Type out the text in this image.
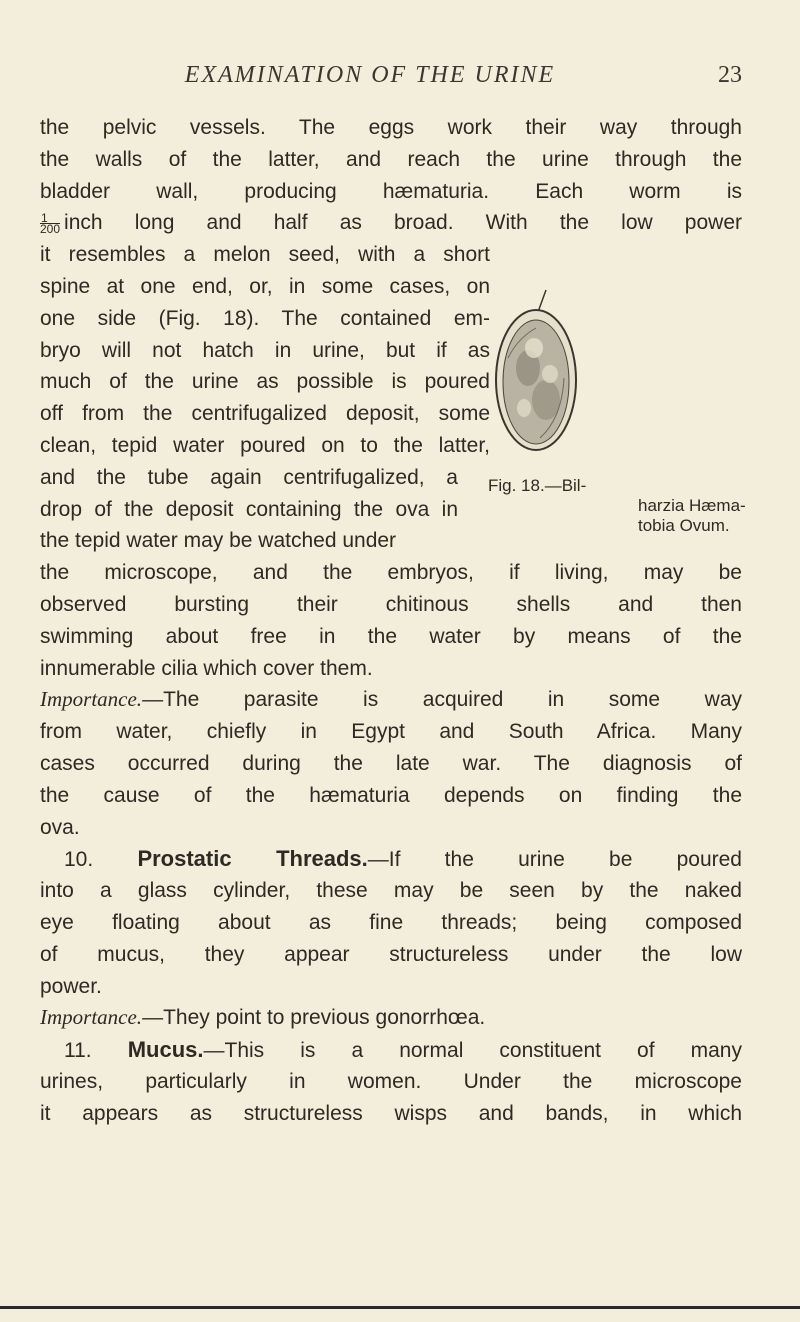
EXAMINATION OF THE URINE	23
the pelvic vessels. The eggs work their way through
the walls of the latter, and reach the urine through the
bladder wall, producing hæmaturia. Each worm is
$\frac{1}{200}$ inch long and half as broad. With the low power
it resembles a melon seed, with a short
spine at one end, or, in some cases, on
one side (Fig. 18). The contained em-
bryo will not hatch in urine, but if as
much of the urine as possible is poured
off from the centrifugalized deposit, some
clean, tepid water poured on to the latter,
and the tube again centrifugalized, a
drop of the deposit containing the ova in
the tepid water may be watched under
the microscope, and the embryos, if living, may be
observed bursting their chitinous shells and then
swimming about free in the water by means of the
innumerable cilia which cover them.
Importance.—The parasite is acquired in some way
from water, chiefly in Egypt and South Africa. Many
cases occurred during the late war. The diagnosis of
the cause of the hæmaturia depends on finding the
ova.
10. Prostatic Threads.—If the urine be poured
into a glass cylinder, these may be seen by the naked
eye floating about as fine threads; being composed
of mucus, they appear structureless under the low
power.
Importance.—They point to previous gonorrhœa.
11. Mucus.—This is a normal constituent of many
urines, particularly in women. Under the microscope
it appears as structureless wisps and bands, in which
Fig. 18.—Bil-
harzia Hæma-
tobia Ovum.
